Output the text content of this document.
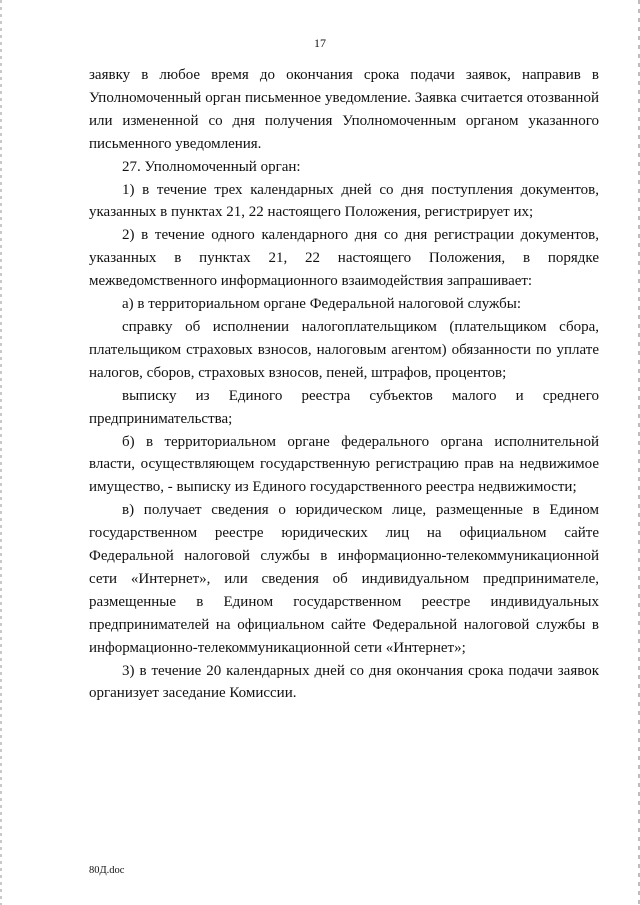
17

заявку в любое время до окончания срока подачи заявок, направив в Уполномоченный орган письменное уведомление. Заявка считается отозванной или измененной со дня получения Уполномоченным органом указанного письменного уведомления.

27. Уполномоченный орган:

1) в течение трех календарных дней со дня поступления документов, указанных в пунктах 21, 22 настоящего Положения, регистрирует их;

2) в течение одного календарного дня со дня регистрации документов, указанных в пунктах 21, 22 настоящего Положения, в порядке межведомственного информационного взаимодействия запрашивает:

а) в территориальном органе Федеральной налоговой службы:

справку об исполнении налогоплательщиком (плательщиком сбора, плательщиком страховых взносов, налоговым агентом) обязанности по уплате налогов, сборов, страховых взносов, пеней, штрафов, процентов;

выписку из Единого реестра субъектов малого и среднего предпринимательства;

б) в территориальном органе федерального органа исполнительной власти, осуществляющем государственную регистрацию прав на недвижимое имущество, - выписку из Единого государственного реестра недвижимости;

в) получает сведения о юридическом лице, размещенные в Едином государственном реестре юридических лиц на официальном сайте Федеральной налоговой службы в информационно-телекоммуникационной сети «Интернет», или сведения об индивидуальном предпринимателе, размещенные в Едином государственном реестре индивидуальных предпринимателей на официальном сайте Федеральной налоговой службы в информационно-телекоммуникационной сети «Интернет»;

3) в течение 20 календарных дней со дня окончания срока подачи заявок организует заседание Комиссии.

80Д.doc
